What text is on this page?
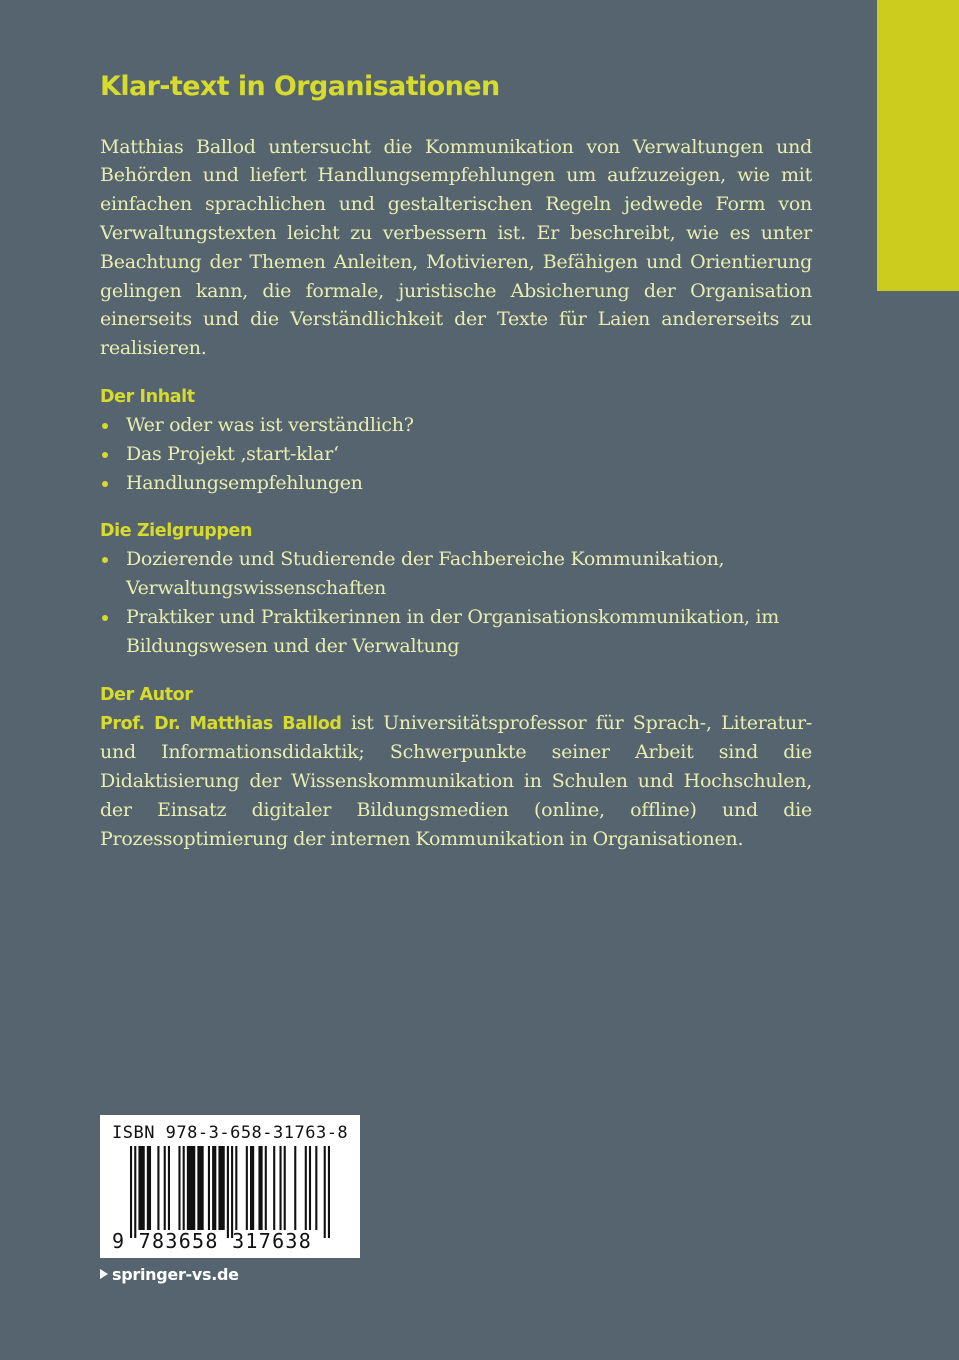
Klar-text in Organisationen

Matthias Ballod untersucht die Kommunikation von Verwaltungen und Behörden und liefert Handlungsempfehlungen um aufzuzeigen, wie mit einfachen sprachlichen und gestalterischen Regeln jedwede Form von Verwaltungstexten leicht zu verbessern ist. Er beschreibt, wie es unter Beachtung der Themen Anleiten, Motivieren, Befähigen und Orientierung gelingen kann, die formale, juristische Absicherung der Organisation einerseits und die Verständlichkeit der Texte für Laien andererseits zu realisieren.

Der Inhalt
Wer oder was ist verständlich?
Das Projekt ‚start-klar‘
Handlungsempfehlungen
Die Zielgruppen
Dozierende und Studierende der Fachbereiche Kommunikation, Verwaltungswissenschaften
Praktiker und Praktikerinnen in der Organisationskommunikation, im Bildungswesen und der Verwaltung
Der Autor

Prof. Dr. Matthias Ballod ist Universitätsprofessor für Sprach-, Literatur- und Informationsdidaktik; Schwerpunkte seiner Arbeit sind die Didaktisierung der Wissenskommunikation in Schulen und Hochschulen, der Einsatz digitaler Bildungsmedien (online, offline) und die Prozessoptimierung der internen Kommunikation in Organisationen.

ISBN 978-3-658-31763-8
9 783658 317638
springer-vs.de
